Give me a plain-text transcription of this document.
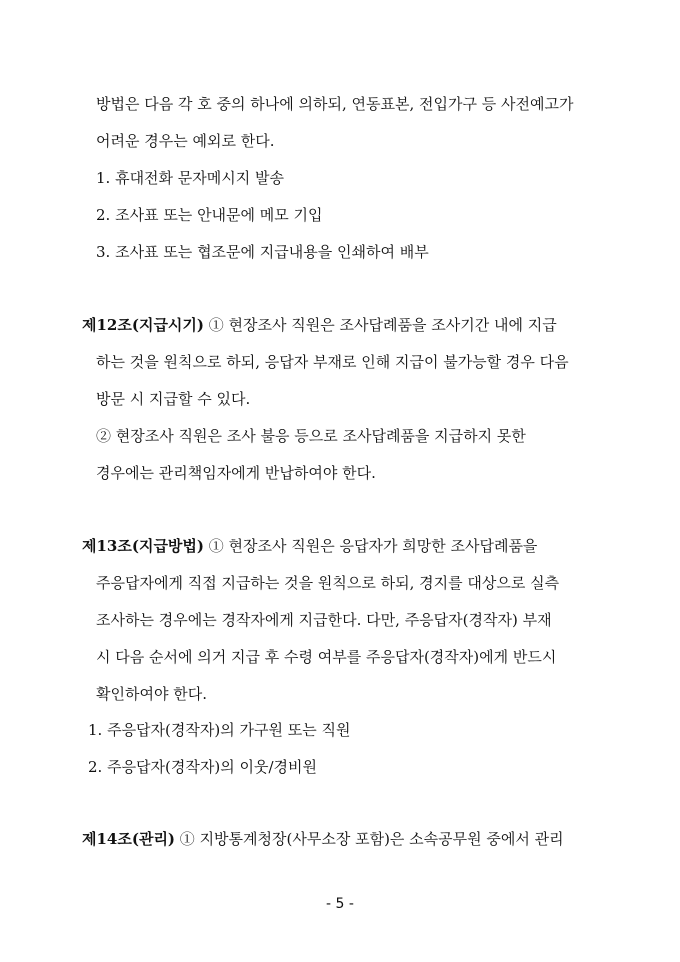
방법은 다음 각 호 중의 하나에 의하되, 연동표본, 전입가구 등 사전예고가
어려운 경우는 예외로 한다.
1. 휴대전화 문자메시지 발송
2. 조사표 또는 안내문에 메모 기입
3. 조사표 또는 협조문에 지급내용을 인쇄하여 배부
제12조(지급시기) ① 현장조사 직원은 조사답례품을 조사기간 내에 지급
하는 것을 원칙으로 하되, 응답자 부재로 인해 지급이 불가능할 경우 다음
방문 시 지급할 수 있다.
② 현장조사 직원은 조사 불응 등으로 조사답례품을 지급하지 못한
경우에는 관리책임자에게 반납하여야 한다.
제13조(지급방법) ① 현장조사 직원은 응답자가 희망한 조사답례품을
주응답자에게 직접 지급하는 것을 원칙으로 하되, 경지를 대상으로 실측
조사하는 경우에는 경작자에게 지급한다. 다만, 주응답자(경작자) 부재
시 다음 순서에 의거 지급 후 수령 여부를 주응답자(경작자)에게 반드시
확인하여야 한다.
1. 주응답자(경작자)의 가구원 또는 직원
2. 주응답자(경작자)의 이웃/경비원
제14조(관리) ① 지방통계청장(사무소장 포함)은 소속공무원 중에서 관리
- 5 -
